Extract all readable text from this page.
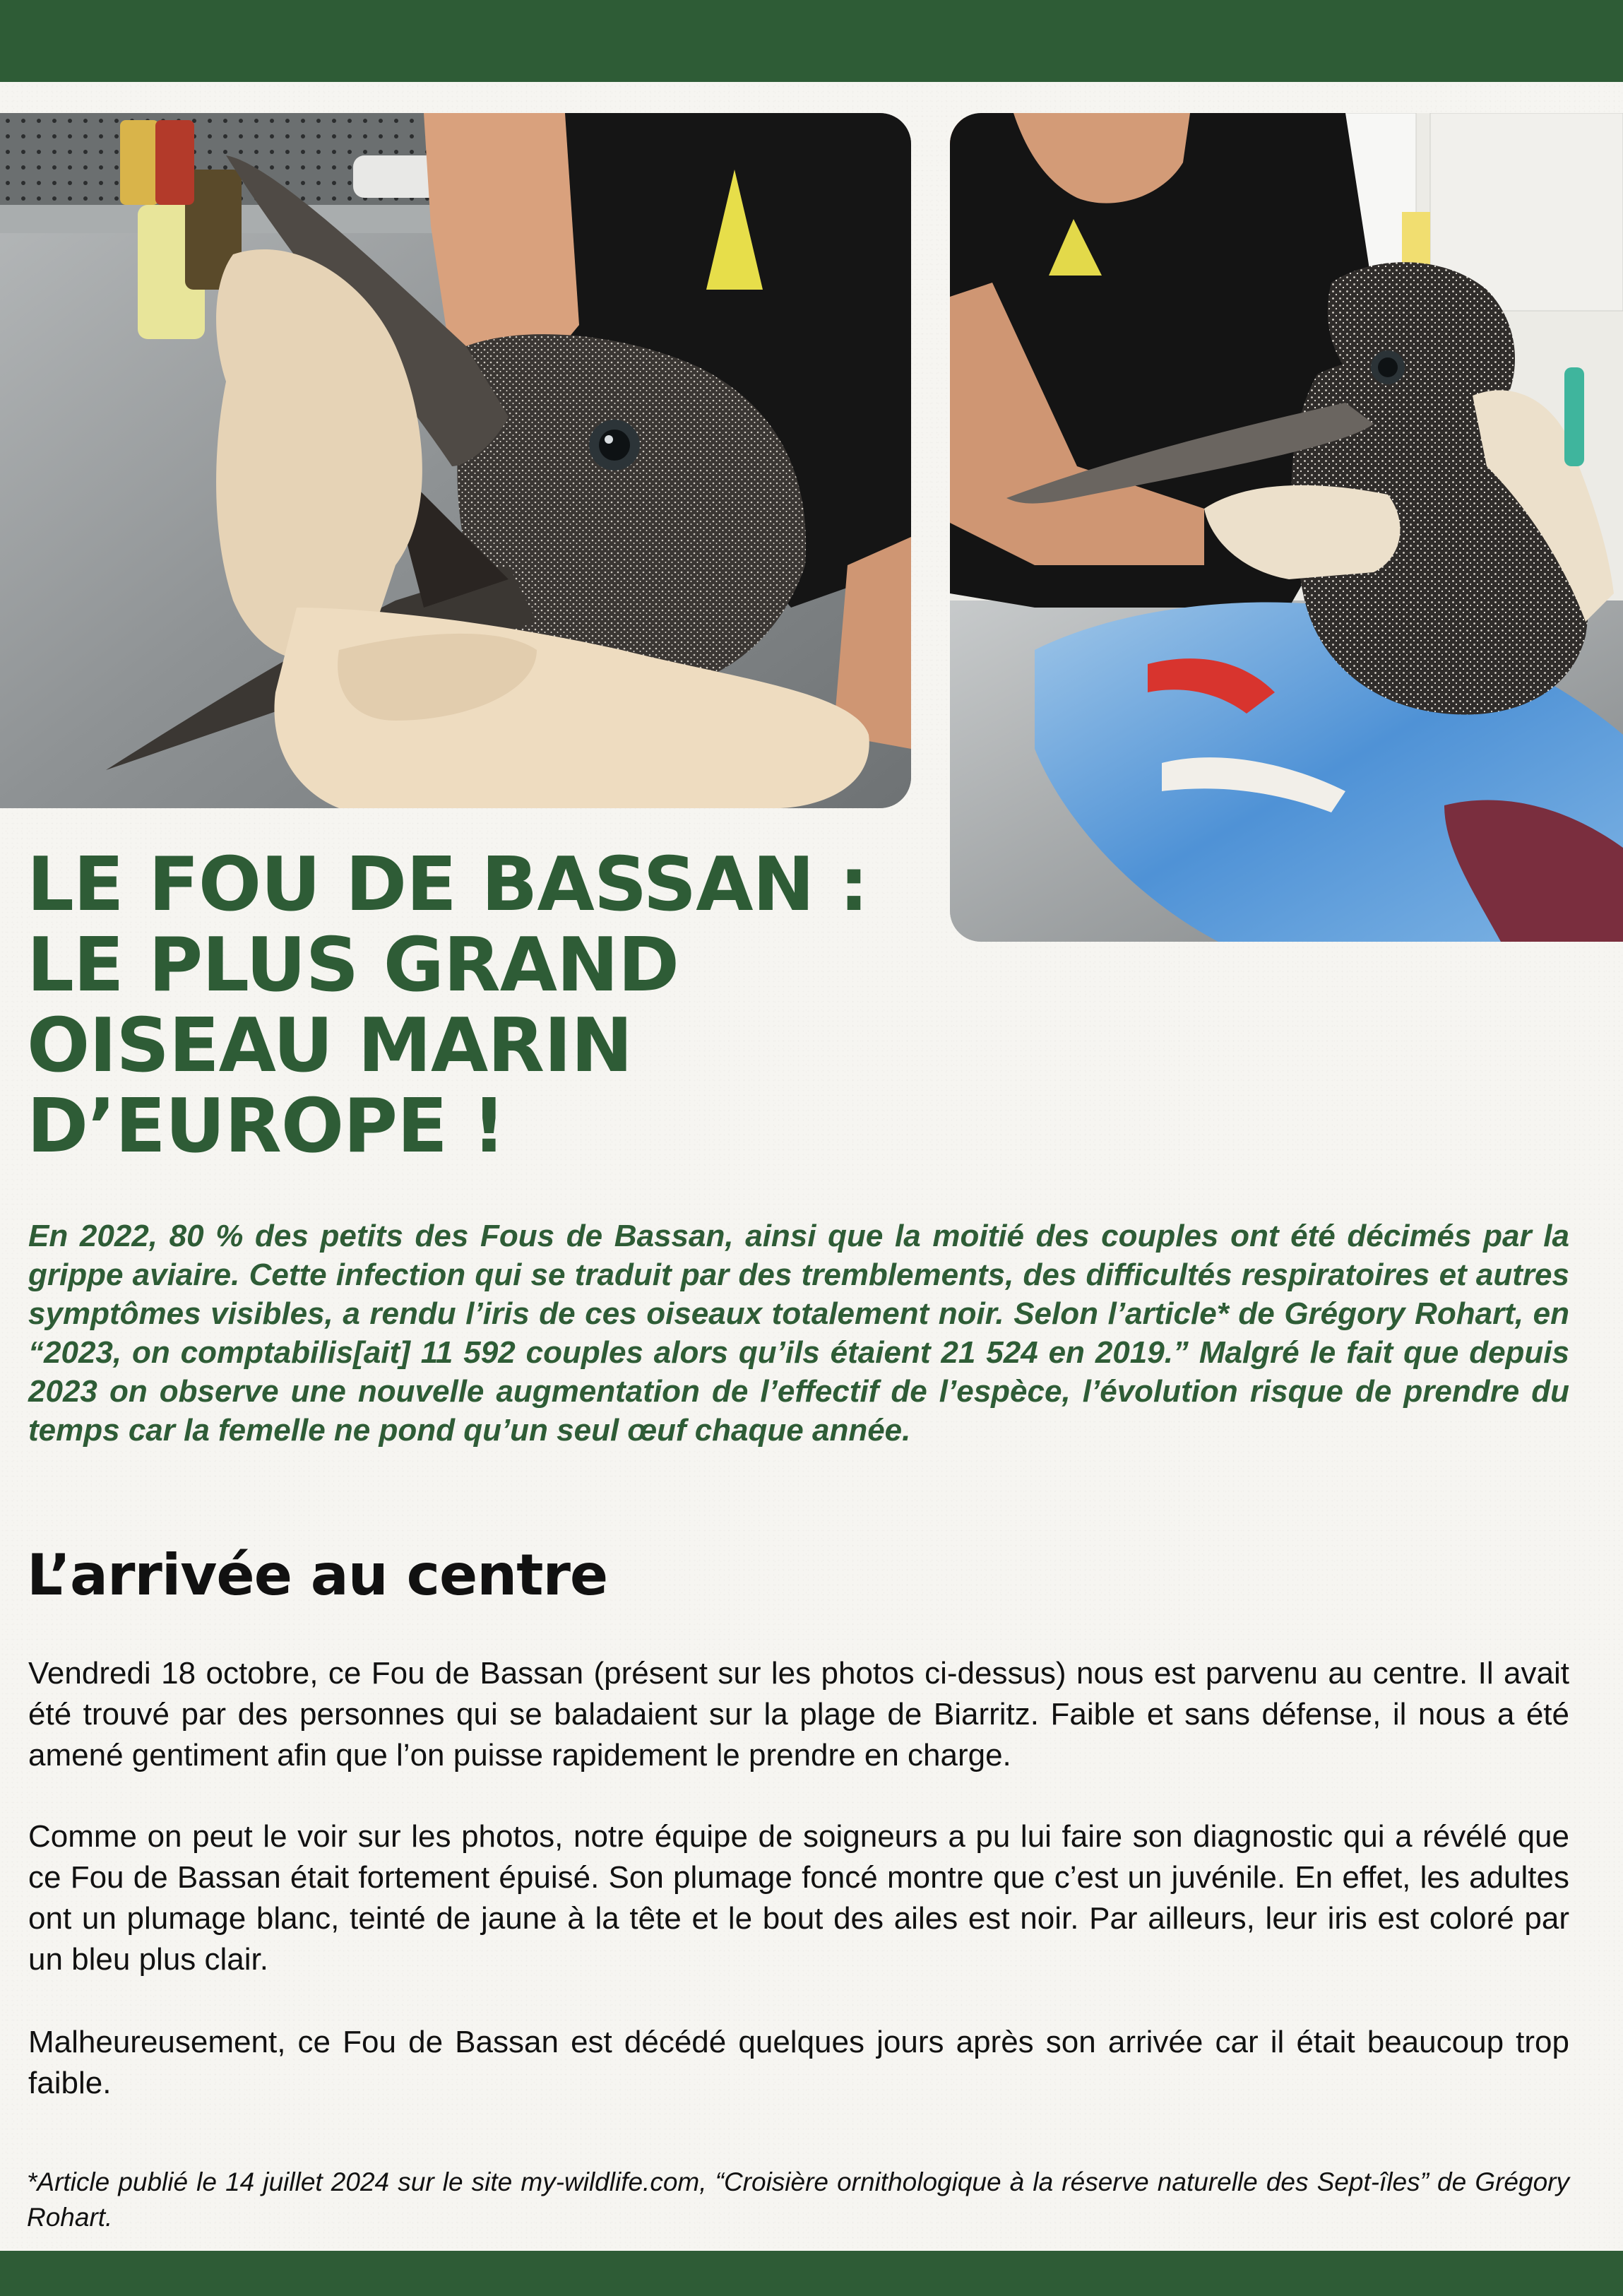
LE FOU DE BASSAN :
LE PLUS GRAND
OISEAU MARIN
D’EUROPE !

En 2022, 80 % des petits des Fous de Bassan, ainsi que la moitié des couples ont été décimés par la grippe aviaire. Cette infection qui se traduit par des tremblements, des difficultés respiratoires et autres symptômes visibles, a rendu l’iris de ces oiseaux totalement noir. Selon l’article* de Grégory Rohart, en “2023, on comptabilis[ait] 11 592 couples alors qu’ils étaient 21 524 en 2019.” Malgré le fait que depuis 2023 on observe une nouvelle augmentation de l’effectif de l’espèce, l’évolution risque de prendre du temps car la femelle ne pond qu’un seul œuf chaque année.

L’arrivée au centre

Vendredi 18 octobre, ce Fou de Bassan (présent sur les photos ci-dessus) nous est parvenu au centre. Il avait été trouvé par des personnes qui se baladaient sur la plage de Biarritz. Faible et sans défense, il nous a été amené gentiment afin que l’on puisse rapidement le prendre en charge.

Comme on peut le voir sur les photos, notre équipe de soigneurs a pu lui faire son diagnostic qui a révélé que ce Fou de Bassan était fortement épuisé. Son plumage foncé montre que c’est un juvénile. En effet, les adultes ont un plumage blanc, teinté de jaune à la tête et le bout des ailes est noir. Par ailleurs, leur iris est coloré par un bleu plus clair.

Malheureusement, ce Fou de Bassan est décédé quelques jours après son arrivée car il était beaucoup trop faible.

*Article publié le 14 juillet 2024 sur le site my-wildlife.com, “Croisière ornithologique à la réserve naturelle des Sept-îles” de Grégory Rohart.
